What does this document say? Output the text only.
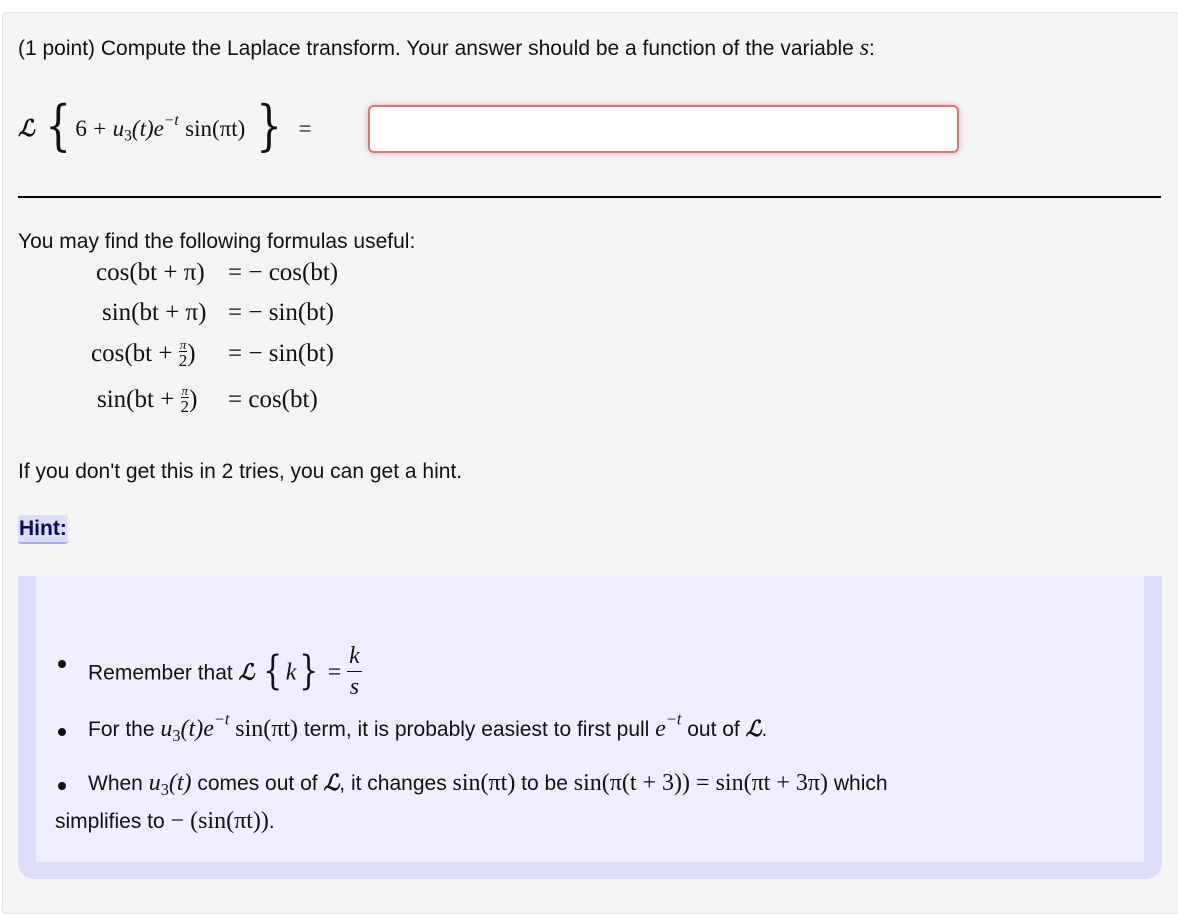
(1 point) Compute the Laplace transform. Your answer should be a function of the variable s:
ℒ { $6 + u_3(t)e^{-t}$ sin(πt) } =
You may find the following formulas useful:
cos(bt + π) = − cos(bt)
sin(bt + π) = − sin(bt)
$\cos(bt + \frac{\pi}{2}$ ) = − sin(bt)
$\sin(bt + \frac{\pi}{2}$ ) = cos(bt)
If you don't get this in 2 tries, you can get a hint.
Hint:
Remember that ℒ { $k\} = \frac{k}{s}$
For the $u_3(t)e^{-t}$ sin(πt) term, it is probably easiest to first pull $e^{-t}$ out of ℒ.
When $u_3(t)$ comes out of ℒ, it changes sin(πt) to be sin(π(t + 3)) = sin(πt + 3π) which
simplifies to − (sin(πt)).
